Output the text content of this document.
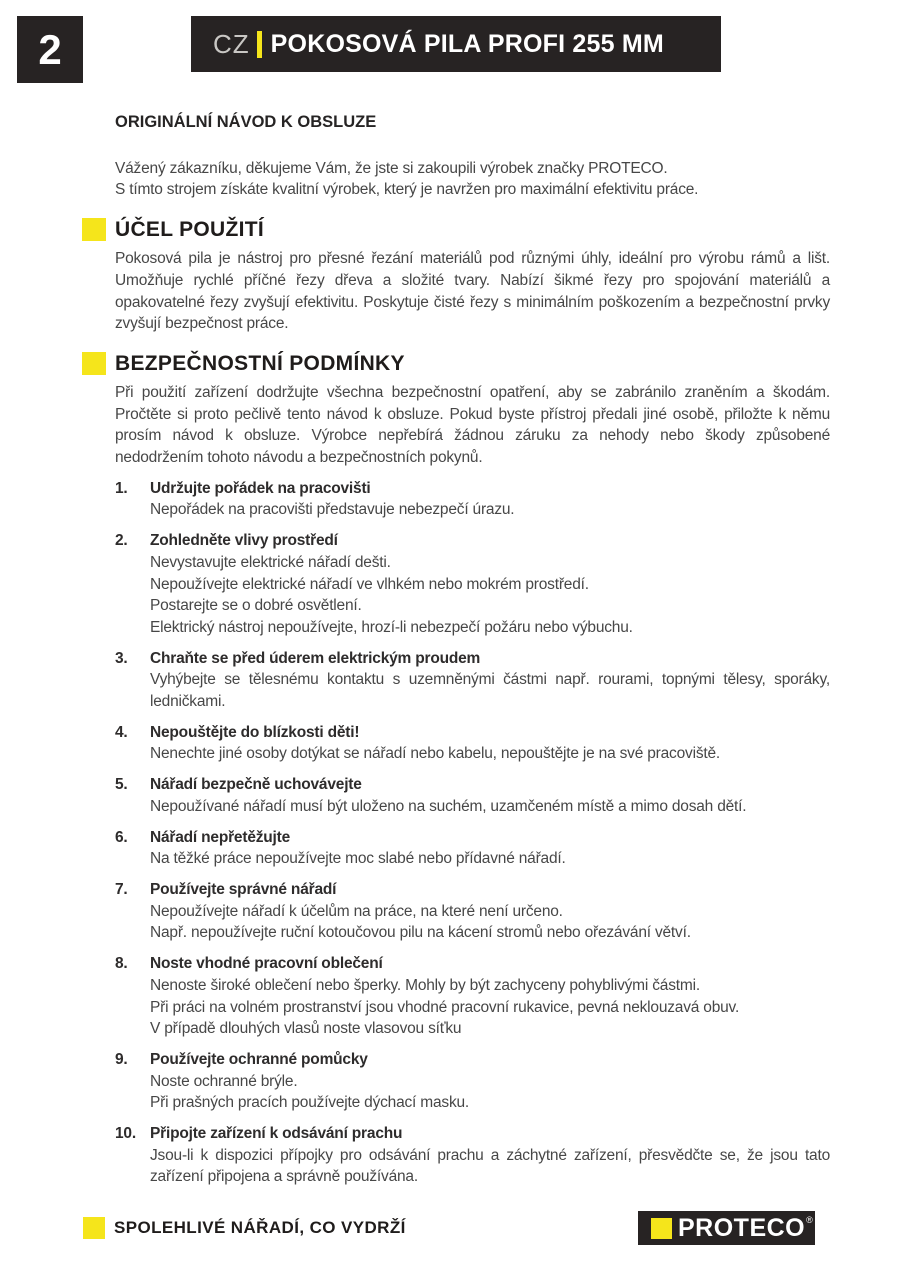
2	CZ POKOSOVÁ PILA PROFI 255 MM
ORIGINÁLNÍ NÁVOD K OBSLUZE
Vážený zákazníku, děkujeme Vám, že jste si zakoupili výrobek značky PROTECO.
S tímto strojem získáte kvalitní výrobek, který je navržen pro maximální efektivitu práce.
ÚČEL POUŽITÍ
Pokosová pila je nástroj pro přesné řezání materiálů pod různými úhly, ideální pro výrobu rámů a lišt. Umožňuje rychlé příčné řezy dřeva a složité tvary. Nabízí šikmé řezy pro spojování materiálů a opakovatelné řezy zvyšují efektivitu. Poskytuje čisté řezy s minimálním poškozením a bezpečnostní prvky zvyšují bezpečnost práce.
BEZPEČNOSTNÍ PODMÍNKY
Při použití zařízení dodržujte všechna bezpečnostní opatření, aby se zabránilo zraněním a škodám. Pročtěte si proto pečlivě tento návod k obsluze. Pokud byste přístroj předali jiné osobě, přiložte k němu prosím návod k obsluze. Výrobce nepřebírá žádnou záruku za nehody nebo škody způsobené nedodržením tohoto návodu a bezpečnostních pokynů.
1.	Udržujte pořádek na pracovišti
Nepořádek na pracovišti představuje nebezpečí úrazu.
2.	Zohledněte vlivy prostředí
Nevystavujte elektrické nářadí dešti.
Nepoužívejte elektrické nářadí ve vlhkém nebo mokrém prostředí.
Postarejte se o dobré osvětlení.
Elektrický nástroj nepoužívejte, hrozí-li nebezpečí požáru nebo výbuchu.
3.	Chraňte se před úderem elektrickým proudem
Vyhýbejte se tělesnému kontaktu s uzemněnými částmi např. rourami, topnými tělesy, sporáky, ledničkami.
4.	Nepouštějte do blízkosti děti!
Nenechte jiné osoby dotýkat se nářadí nebo kabelu, nepouštějte je na své pracoviště.
5.	Nářadí bezpečně uchovávejte
Nepoužívané nářadí musí být uloženo na suchém, uzamčeném místě a mimo dosah dětí.
6.	Nářadí nepřetěžujte
Na těžké práce nepoužívejte moc slabé nebo přídavné nářadí.
7.	Používejte správné nářadí
Nepoužívejte nářadí k účelům na práce, na které není určeno.
Např. nepoužívejte ruční kotoučovou pilu na kácení stromů nebo ořezávání větví.
8.	Noste vhodné pracovní oblečení
Nenoste široké oblečení nebo šperky. Mohly by být zachyceny pohyblivými částmi.
Při práci na volném prostranství jsou vhodné pracovní rukavice, pevná neklouzavá obuv.
V případě dlouhých vlasů noste vlasovou síťku
9.	Používejte ochranné pomůcky
Noste ochranné brýle.
Při prašných pracích používejte dýchací masku.
10. Připojte zařízení k odsávání prachu
Jsou-li k dispozici přípojky pro odsávání prachu a záchytné zařízení, přesvědčte se, že jsou tato zařízení připojena a správně používána.
SPOLEHLIVÉ NÁŘADÍ, CO VYDRŽÍ	PROTECO ®
